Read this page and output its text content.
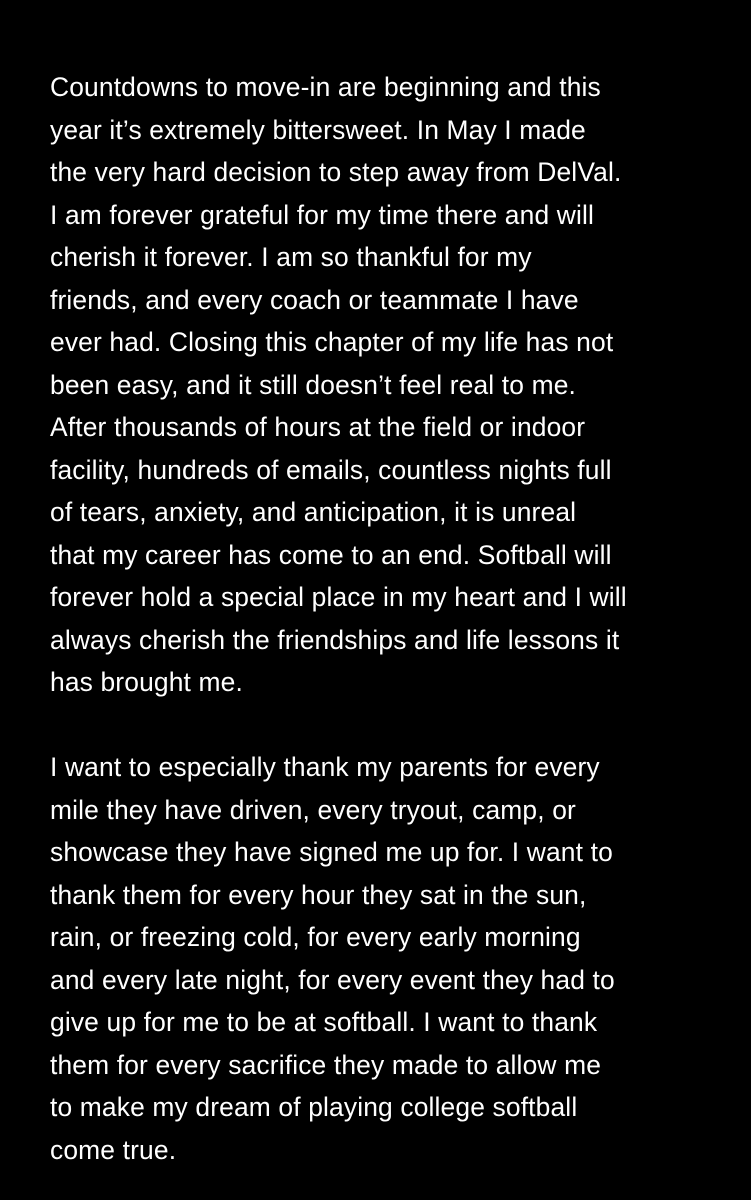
Countdowns to move-in are beginning and this
year it’s extremely bittersweet. In May I made
the very hard decision to step away from DelVal.
I am forever grateful for my time there and will
cherish it forever. I am so thankful for my
friends, and every coach or teammate I have
ever had. Closing this chapter of my life has not
been easy, and it still doesn’t feel real to me.
After thousands of hours at the field or indoor
facility, hundreds of emails, countless nights full
of tears, anxiety, and anticipation, it is unreal
that my career has come to an end. Softball will
forever hold a special place in my heart and I will
always cherish the friendships and life lessons it
has brought me.
I want to especially thank my parents for every
mile they have driven, every tryout, camp, or
showcase they have signed me up for. I want to
thank them for every hour they sat in the sun,
rain, or freezing cold, for every early morning
and every late night, for every event they had to
give up for me to be at softball. I want to thank
them for every sacrifice they made to allow me
to make my dream of playing college softball
come true.
